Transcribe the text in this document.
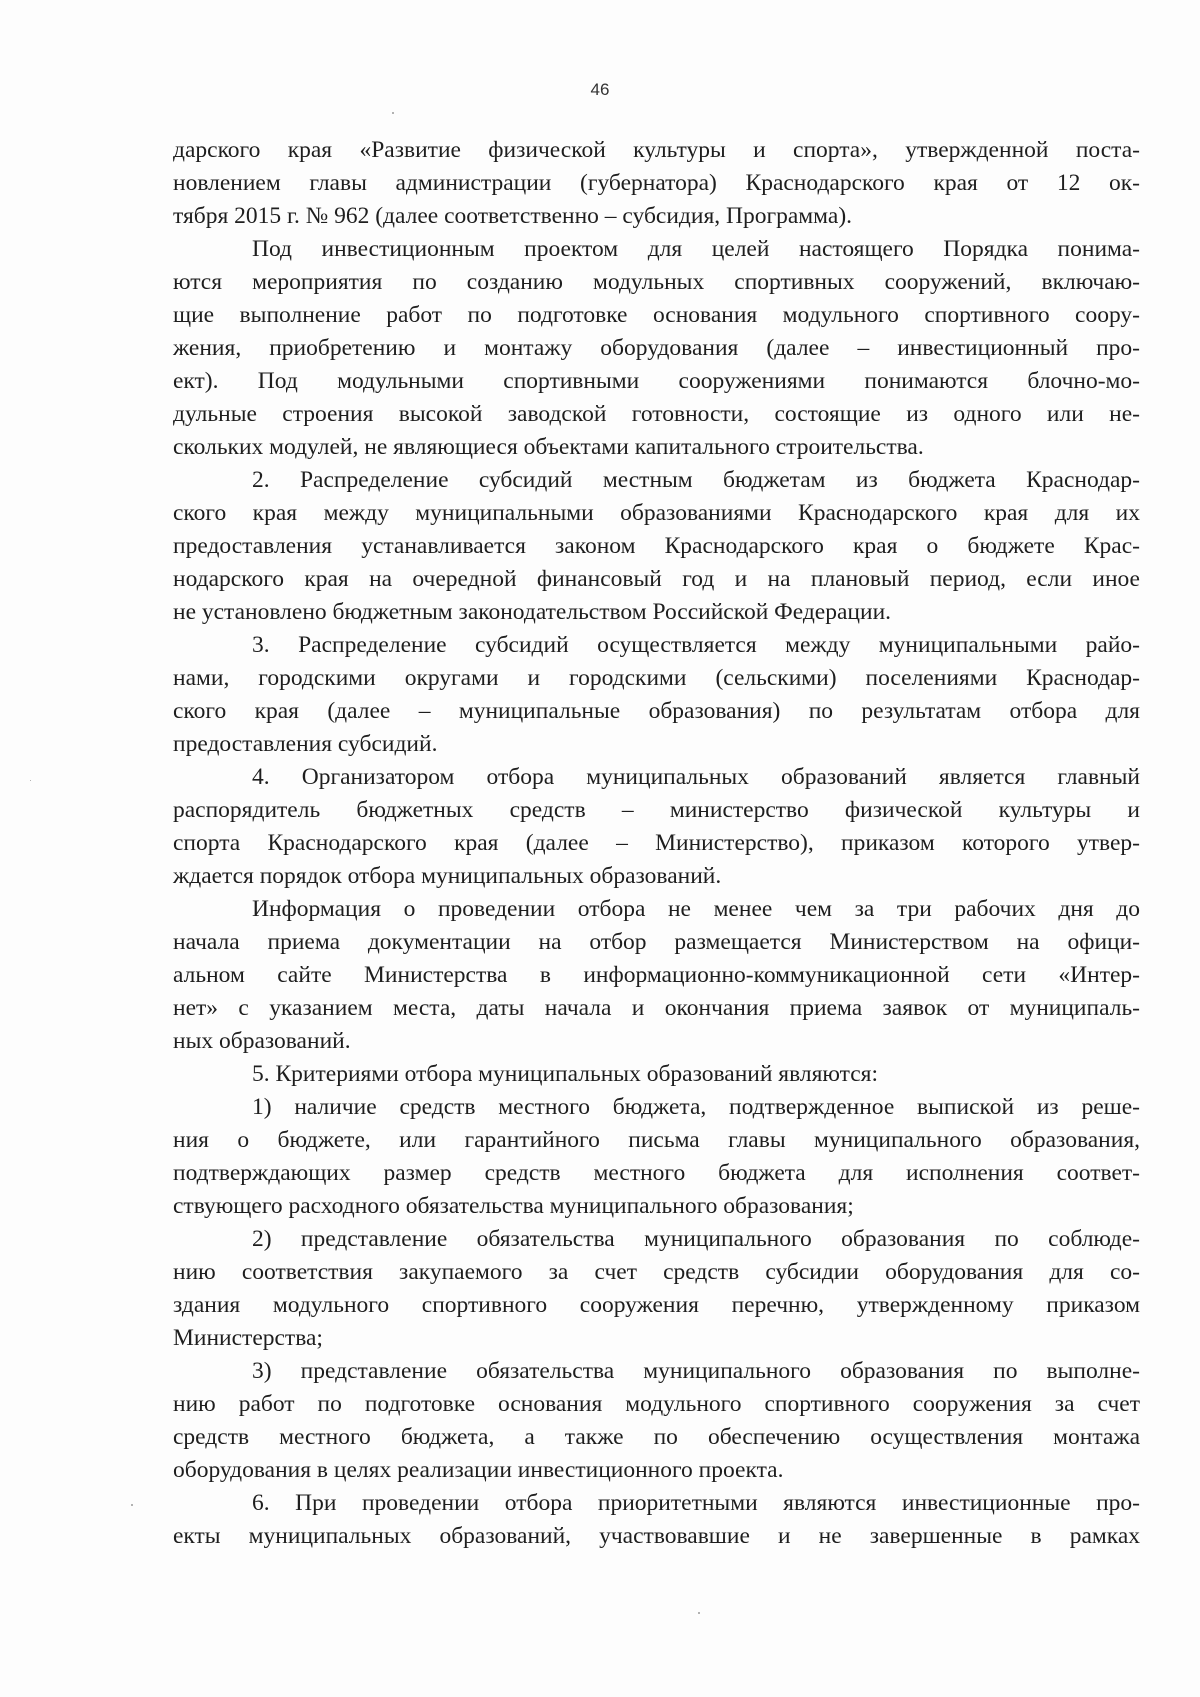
46
дарского края «Развитие физической культуры и спорта», утвержденной поста-
новлением главы администрации (губернатора) Краснодарского края от 12 ок-
тября 2015 г. № 962 (далее соответственно – субсидия, Программа).
Под инвестиционным проектом для целей настоящего Порядка понима-
ются мероприятия по созданию модульных спортивных сооружений, включаю-
щие выполнение работ по подготовке основания модульного спортивного соору-
жения, приобретению и монтажу оборудования (далее – инвестиционный про-
ект). Под модульными спортивными сооружениями понимаются блочно-мо-
дульные строения высокой заводской готовности, состоящие из одного или не-
скольких модулей, не являющиеся объектами капитального строительства.
2. Распределение субсидий местным бюджетам из бюджета Краснодар-
ского края между муниципальными образованиями Краснодарского края для их
предоставления устанавливается законом Краснодарского края о бюджете Крас-
нодарского края на очередной финансовый год и на плановый период, если иное
не установлено бюджетным законодательством Российской Федерации.
3. Распределение субсидий осуществляется между муниципальными райо-
нами, городскими округами и городскими (сельскими) поселениями Краснодар-
ского края (далее – муниципальные образования) по результатам отбора для
предоставления субсидий.
4. Организатором отбора муниципальных образований является главный
распорядитель бюджетных средств – министерство физической культуры и
спорта Краснодарского края (далее – Министерство), приказом которого утвер-
ждается порядок отбора муниципальных образований.
Информация о проведении отбора не менее чем за три рабочих дня до
начала приема документации на отбор размещается Министерством на офици-
альном сайте Министерства в информационно-коммуникационной сети «Интер-
нет» с указанием места, даты начала и окончания приема заявок от муниципаль-
ных образований.
5. Критериями отбора муниципальных образований являются:
1) наличие средств местного бюджета, подтвержденное выпиской из реше-
ния о бюджете, или гарантийного письма главы муниципального образования,
подтверждающих размер средств местного бюджета для исполнения соответ-
ствующего расходного обязательства муниципального образования;
2) представление обязательства муниципального образования по соблюде-
нию соответствия закупаемого за счет средств субсидии оборудования для со-
здания модульного спортивного сооружения перечню, утвержденному приказом
Министерства;
3) представление обязательства муниципального образования по выполне-
нию работ по подготовке основания модульного спортивного сооружения за счет
средств местного бюджета, а также по обеспечению осуществления монтажа
оборудования в целях реализации инвестиционного проекта.
6. При проведении отбора приоритетными являются инвестиционные про-
екты муниципальных образований, участвовавшие и не завершенные в рамках
